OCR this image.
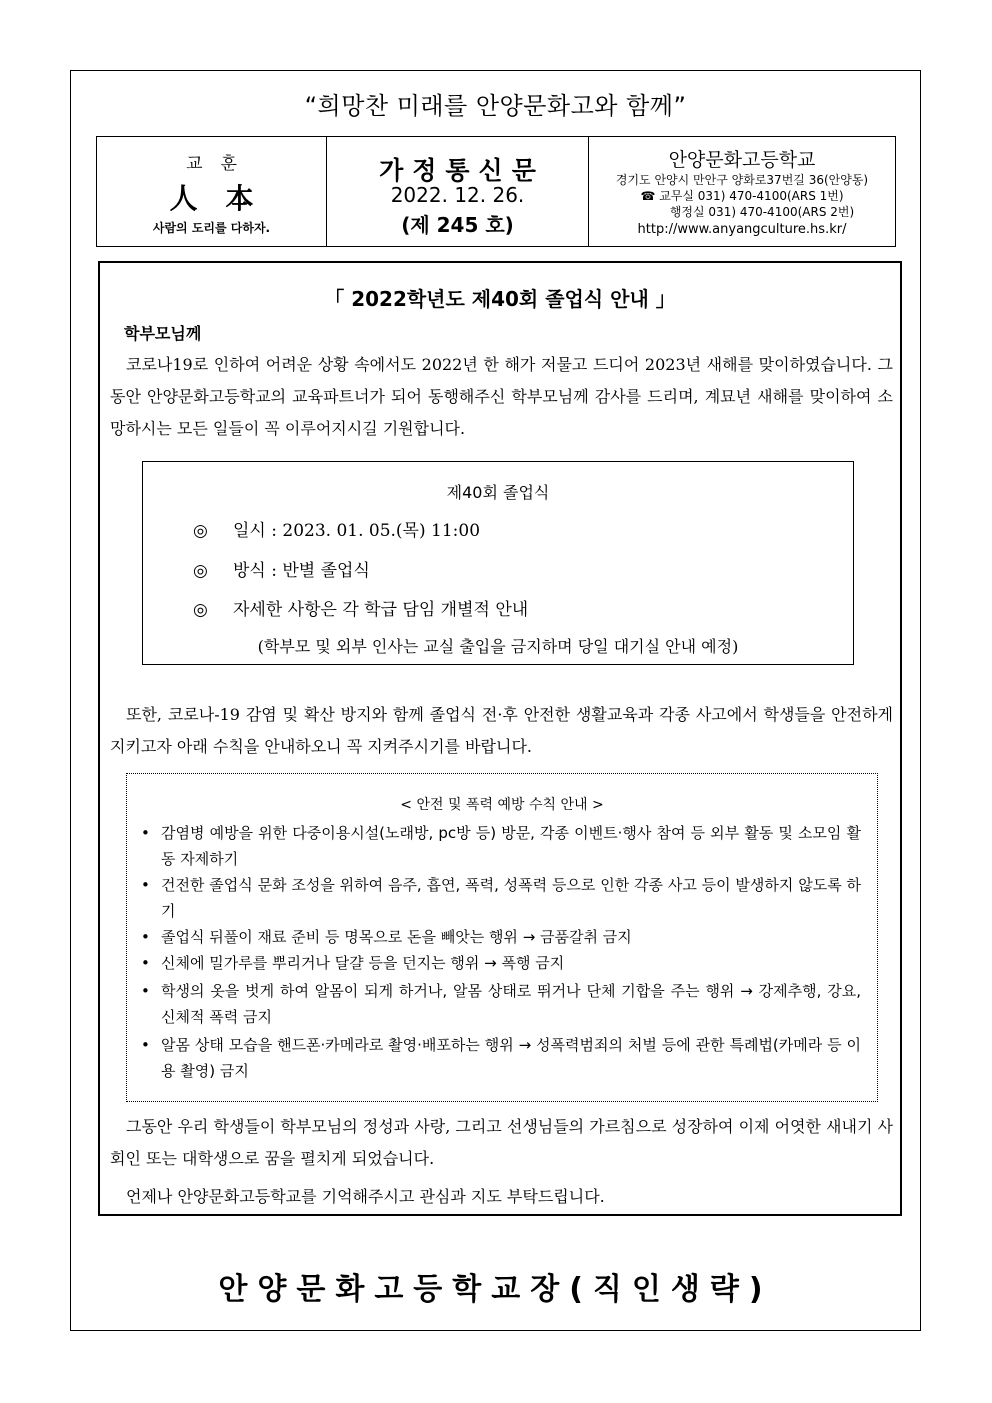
“희망찬 미래를 안양문화고와 함께”
교훈
人本
사람의 도리를 다하자.
가정통신문
2022. 12. 26.
(제 245 호)
안양문화고등학교
경기도 안양시 만안구 양화로37번길 36(안양동)
☎ 교무실 031) 470-4100(ARS 1번)
행정실 031) 470-4100(ARS 2번)
http://www.anyangculture.hs.kr/
「 2022학년도 제40회 졸업식 안내 」
학부모님께
코로나19로 인하여 어려운 상황 속에서도 2022년 한 해가 저물고 드디어 2023년 새해를 맞이하였습니다. 그동안 안양문화고등학교의 교육파트너가 되어 동행해주신 학부모님께 감사를 드리며, 계묘년 새해를 맞이하여 소망하시는 모든 일들이 꼭 이루어지시길 기원합니다.
제40회 졸업식
◎ 일시 : 2023. 01. 05.(목) 11:00
◎ 방식 : 반별 졸업식
◎ 자세한 사항은 각 학급 담임 개별적 안내
(학부모 및 외부 인사는 교실 출입을 금지하며 당일 대기실 안내 예정)
또한, 코로나-19 감염 및 확산 방지와 함께 졸업식 전·후 안전한 생활교육과 각종 사고에서 학생들을 안전하게 지키고자 아래 수칙을 안내하오니 꼭 지켜주시기를 바랍니다.
< 안전 및 폭력 예방 수칙 안내 >
• 감염병 예방을 위한 다중이용시설(노래방, pc방 등) 방문, 각종 이벤트·행사 참여 등 외부 활동 및 소모임 활동 자제하기
• 건전한 졸업식 문화 조성을 위하여 음주, 흡연, 폭력, 성폭력 등으로 인한 각종 사고 등이 발생하지 않도록 하기
• 졸업식 뒤풀이 재료 준비 등 명목으로 돈을 빼앗는 행위 → 금품갈취 금지
• 신체에 밀가루를 뿌리거나 달걀 등을 던지는 행위 → 폭행 금지
• 학생의 옷을 벗게 하여 알몸이 되게 하거나, 알몸 상태로 뛰거나 단체 기합을 주는 행위 → 강제추행, 강요, 신체적 폭력 금지
• 알몸 상태 모습을 핸드폰·카메라로 촬영·배포하는 행위 → 성폭력범죄의 처벌 등에 관한 특례법(카메라 등 이용 촬영) 금지
그동안 우리 학생들이 학부모님의 정성과 사랑, 그리고 선생님들의 가르침으로 성장하여 이제 어엿한 새내기 사회인 또는 대학생으로 꿈을 펼치게 되었습니다.
언제나 안양문화고등학교를 기억해주시고 관심과 지도 부탁드립니다.
안양문화고등학교장(직인생략)
